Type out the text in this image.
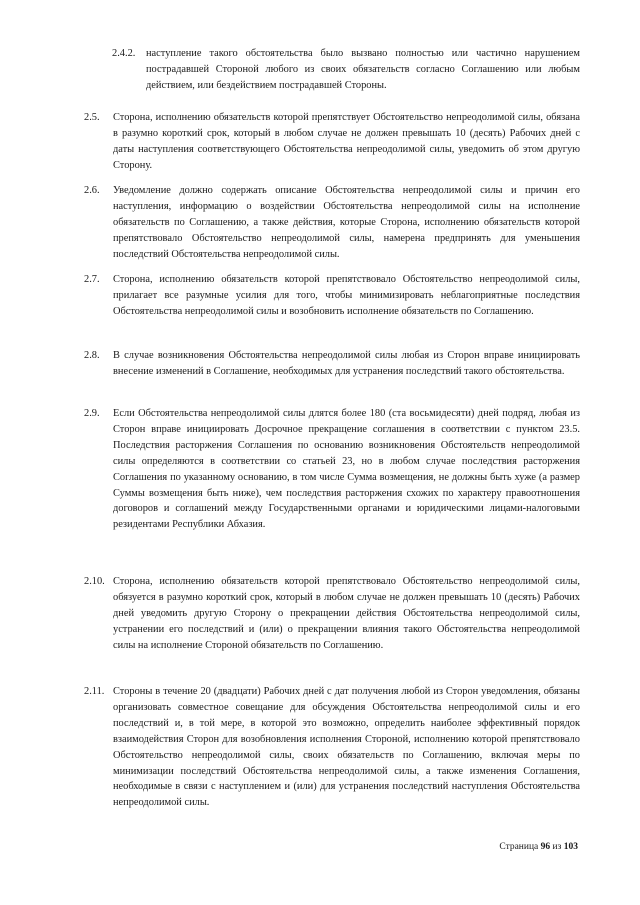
2.4.2. наступление такого обстоятельства было вызвано полностью или частично нарушением пострадавшей Стороной любого из своих обязательств согласно Соглашению или любым действием, или бездействием пострадавшей Стороны.
2.5. Сторона, исполнению обязательств которой препятствует Обстоятельство непреодолимой силы, обязана в разумно короткий срок, который в любом случае не должен превышать 10 (десять) Рабочих дней с даты наступления соответствующего Обстоятельства непреодолимой силы, уведомить об этом другую Сторону.
2.6. Уведомление должно содержать описание Обстоятельства непреодолимой силы и причин его наступления, информацию о воздействии Обстоятельства непреодолимой силы на исполнение обязательств по Соглашению, а также действия, которые Сторона, исполнению обязательств которой препятствовало Обстоятельство непреодолимой силы, намерена предпринять для уменьшения последствий Обстоятельства непреодолимой силы.
2.7. Сторона, исполнению обязательств которой препятствовало Обстоятельство непреодолимой силы, прилагает все разумные усилия для того, чтобы минимизировать неблагоприятные последствия Обстоятельства непреодолимой силы и возобновить исполнение обязательств по Соглашению.
2.8. В случае возникновения Обстоятельства непреодолимой силы любая из Сторон вправе инициировать внесение изменений в Соглашение, необходимых для устранения последствий такого обстоятельства.
2.9. Если Обстоятельства непреодолимой силы длятся более 180 (ста восьмидесяти) дней подряд, любая из Сторон вправе инициировать Досрочное прекращение соглашения в соответствии с пунктом 23.5. Последствия расторжения Соглашения по основанию возникновения Обстоятельств непреодолимой силы определяются в соответствии со статьей 23, но в любом случае последствия расторжения Соглашения по указанному основанию, в том числе Сумма возмещения, не должны быть хуже (а размер Суммы возмещения быть ниже), чем последствия расторжения схожих по характеру правоотношения договоров и соглашений между Государственными органами и юридическими лицами-налоговыми резидентами Республики Абхазия.
2.10. Сторона, исполнению обязательств которой препятствовало Обстоятельство непреодолимой силы, обязуется в разумно короткий срок, который в любом случае не должен превышать 10 (десять) Рабочих дней уведомить другую Сторону о прекращении действия Обстоятельства непреодолимой силы, устранении его последствий и (или) о прекращении влияния такого Обстоятельства непреодолимой силы на исполнение Стороной обязательств по Соглашению.
2.11. Стороны в течение 20 (двадцати) Рабочих дней с дат получения любой из Сторон уведомления, обязаны организовать совместное совещание для обсуждения Обстоятельства непреодолимой силы и его последствий и, в той мере, в которой это возможно, определить наиболее эффективный порядок взаимодействия Сторон для возобновления исполнения Стороной, исполнению которой препятствовало Обстоятельство непреодолимой силы, своих обязательств по Соглашению, включая меры по минимизации последствий Обстоятельства непреодолимой силы, а также изменения Соглашения, необходимые в связи с наступлением и (или) для устранения последствий наступления Обстоятельства непреодолимой силы.
Страница 96 из 103
